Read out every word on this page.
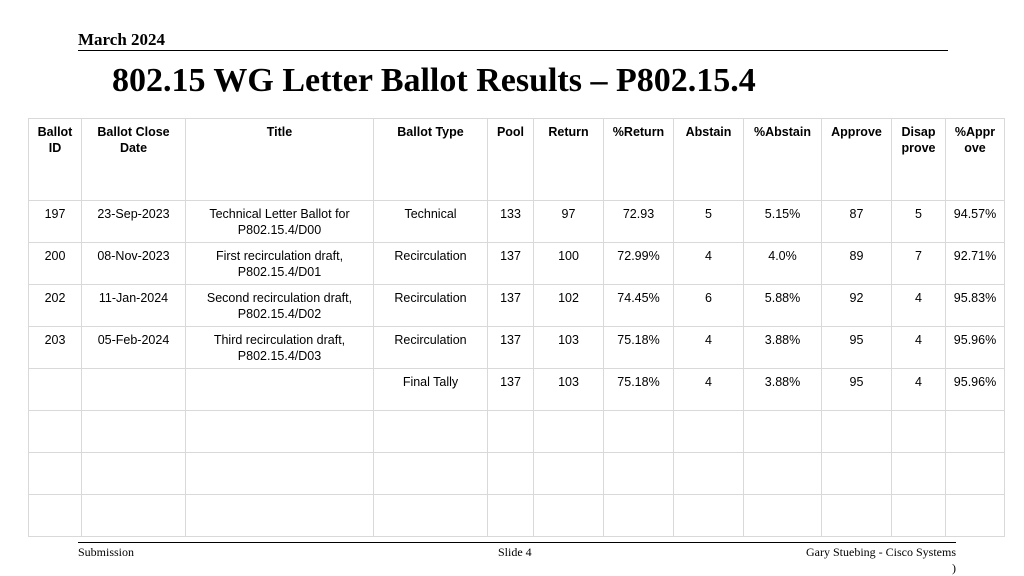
March 2024
802.15 WG Letter Ballot Results – P802.15.4
Ballot ID	Ballot Close Date	Title	Ballot Type	Pool	Return	%Return	Abstain	%Abstain	Approve	Disap prove	%Appr ove
197	23-Sep-2023	Technical Letter Ballot for P802.15.4/D00	Technical	133	97	72.93	5	5.15%	87	5	94.57%
200	08-Nov-2023	First recirculation draft, P802.15.4/D01	Recirculation	137	100	72.99%	4	4.0%	89	7	92.71%
202	11-Jan-2024	Second recirculation draft, P802.15.4/D02	Recirculation	137	102	74.45%	6	5.88%	92	4	95.83%
203	05-Feb-2024	Third recirculation draft, P802.15.4/D03	Recirculation	137	103	75.18%	4	3.88%	95	4	95.96%
			Final Tally	137	103	75.18%	4	3.88%	95	4	95.96%

Submission	Slide 4	Gary Stuebing - Cisco Systems
)
